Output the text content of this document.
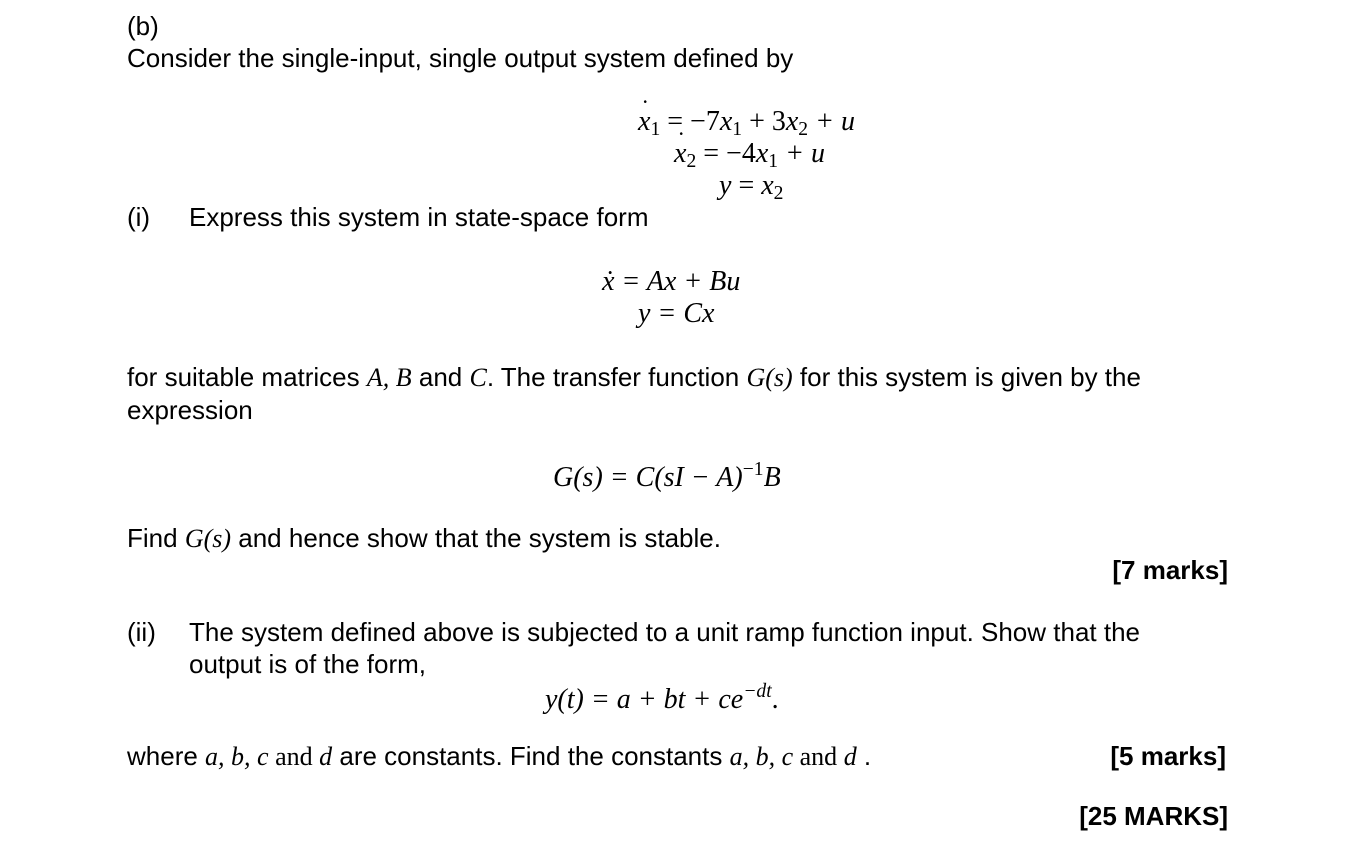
(b)
Consider the single-input, single output system defined by
˙ $x_1 = -7x_1 + 3x_2 + u$
˙ $x_2 = -4x_1 + u$
$y = x_2$
(i) Express this system in state-space form
ẋ = Ax + Bu
y = Cx
for suitable matrices A, B and C. The transfer function G(s) for this system is given by the
expression
G(s) = C(sI − A)$^{-1}$B
Find G(s) and hence show that the system is stable.
[7 marks]
(ii) The system defined above is subjected to a unit ramp function input. Show that the
output is of the form,
y(t) = a + bt + $ce^{-dt}$.
where a, b, c and d are constants. Find the constants a, b, c and d .	[5 marks]
[25 MARKS]
